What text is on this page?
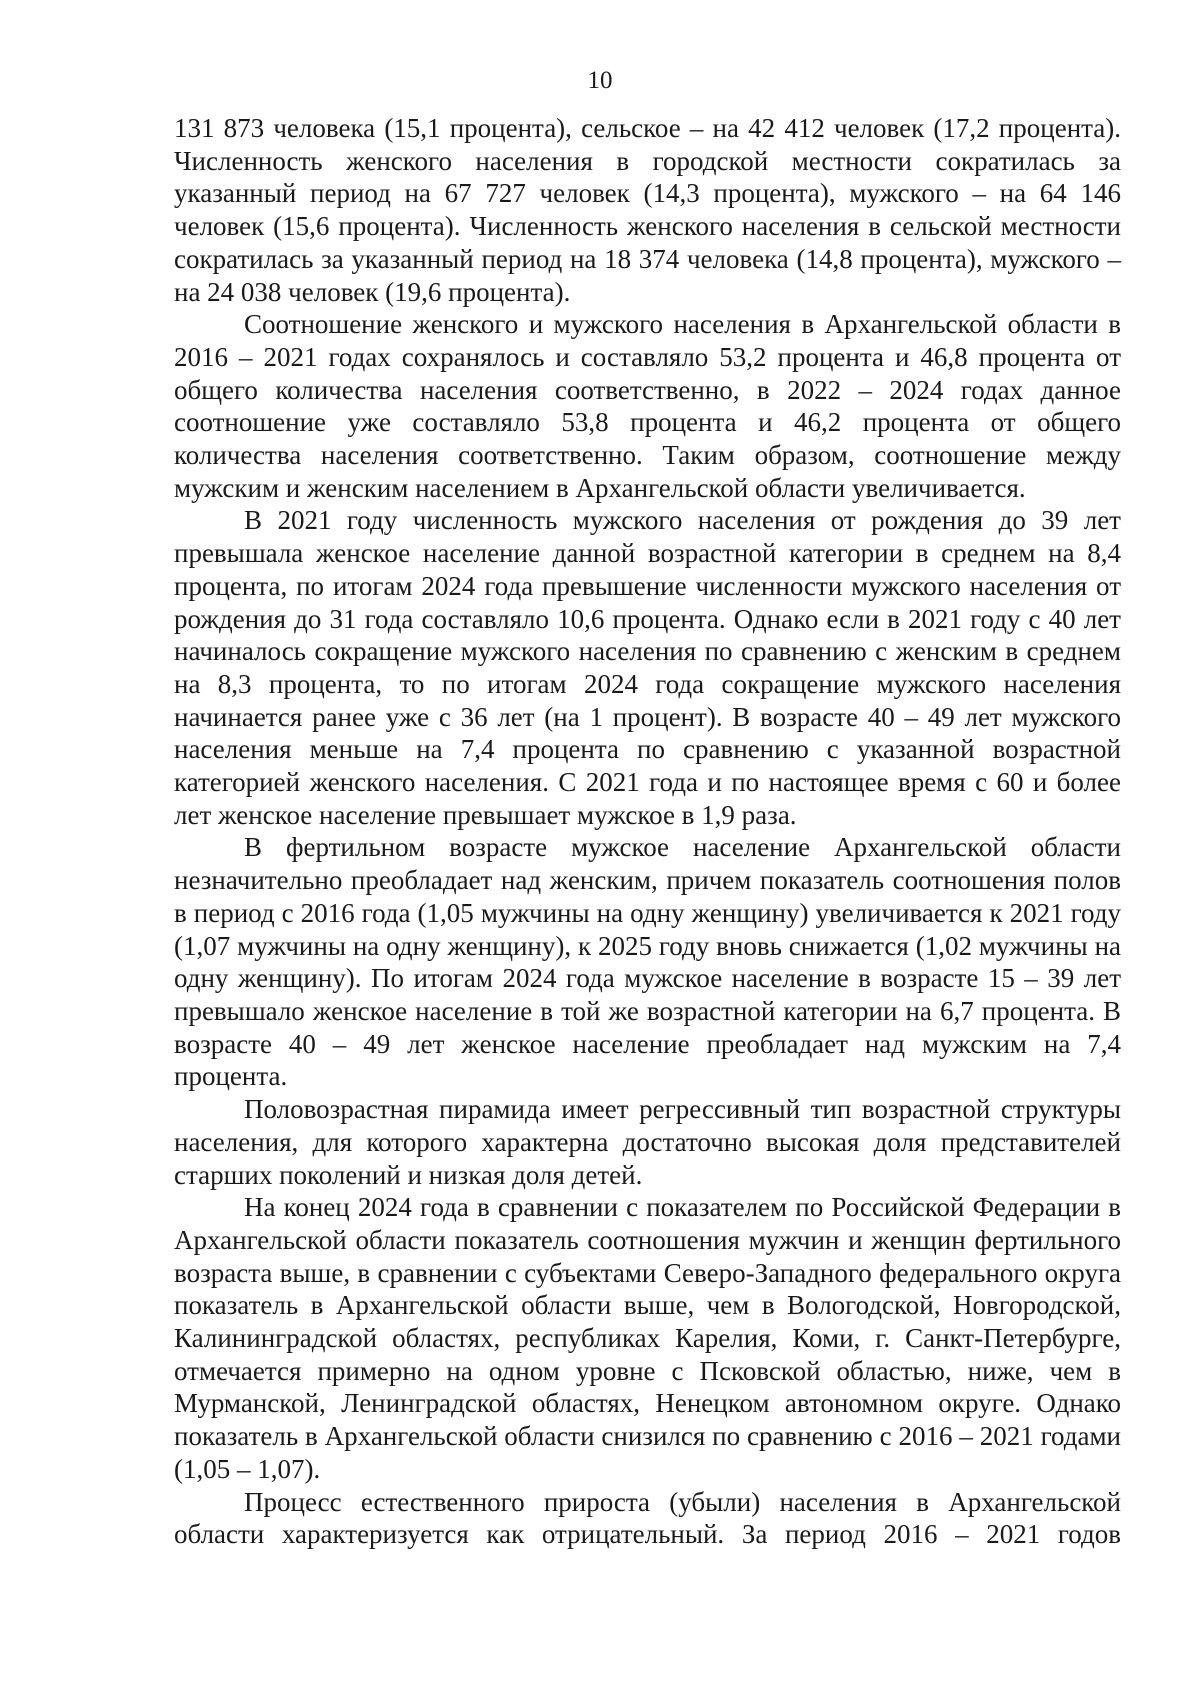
10

131 873 человека (15,1 процента), сельское – на 42 412 человек (17,2 процента). Численность женского населения в городской местности сократилась за указанный период на 67 727 человек (14,3 процента), мужского – на 64 146 человек (15,6 процента). Численность женского населения в сельской местности сократилась за указанный период на 18 374 человека (14,8 процента), мужского – на 24 038 человек (19,6 процента).

Соотношение женского и мужского населения в Архангельской области в 2016 – 2021 годах сохранялось и составляло 53,2 процента и 46,8 процента от общего количества населения соответственно, в 2022 – 2024 годах данное соотношение уже составляло 53,8 процента и 46,2 процента от общего количества населения соответственно. Таким образом, соотношение между мужским и женским населением в Архангельской области увеличивается.

В 2021 году численность мужского населения от рождения до 39 лет превышала женское население данной возрастной категории в среднем на 8,4 процента, по итогам 2024 года превышение численности мужского населения от рождения до 31 года составляло 10,6 процента. Однако если в 2021 году с 40 лет начиналось сокращение мужского населения по сравнению с женским в среднем на 8,3 процента, то по итогам 2024 года сокращение мужского населения начинается ранее уже с 36 лет (на 1 процент). В возрасте 40 – 49 лет мужского населения меньше на 7,4 процента по сравнению с указанной возрастной категорией женского населения. С 2021 года и по настоящее время с 60 и более лет женское население превышает мужское в 1,9 раза.

В фертильном возрасте мужское население Архангельской области незначительно преобладает над женским, причем показатель соотношения полов в период с 2016 года (1,05 мужчины на одну женщину) увеличивается к 2021 году (1,07 мужчины на одну женщину), к 2025 году вновь снижается (1,02 мужчины на одну женщину). По итогам 2024 года мужское население в возрасте 15 – 39 лет превышало женское население в той же возрастной категории на 6,7 процента. В возрасте 40 – 49 лет женское население преобладает над мужским на 7,4 процента.

Половозрастная пирамида имеет регрессивный тип возрастной структуры населения, для которого характерна достаточно высокая доля представителей старших поколений и низкая доля детей.

На конец 2024 года в сравнении с показателем по Российской Федерации в Архангельской области показатель соотношения мужчин и женщин фертильного возраста выше, в сравнении с субъектами Северо-Западного федерального округа показатель в Архангельской области выше, чем в Вологодской, Новгородской, Калининградской областях, республиках Карелия, Коми, г. Санкт-Петербурге, отмечается примерно на одном уровне с Псковской областью, ниже, чем в Мурманской, Ленинградской областях, Ненецком автономном округе. Однако показатель в Архангельской области снизился по сравнению с 2016 – 2021 годами (1,05 – 1,07).

Процесс естественного прироста (убыли) населения в Архангельской области характеризуется как отрицательный. За период 2016 – 2021 годов
